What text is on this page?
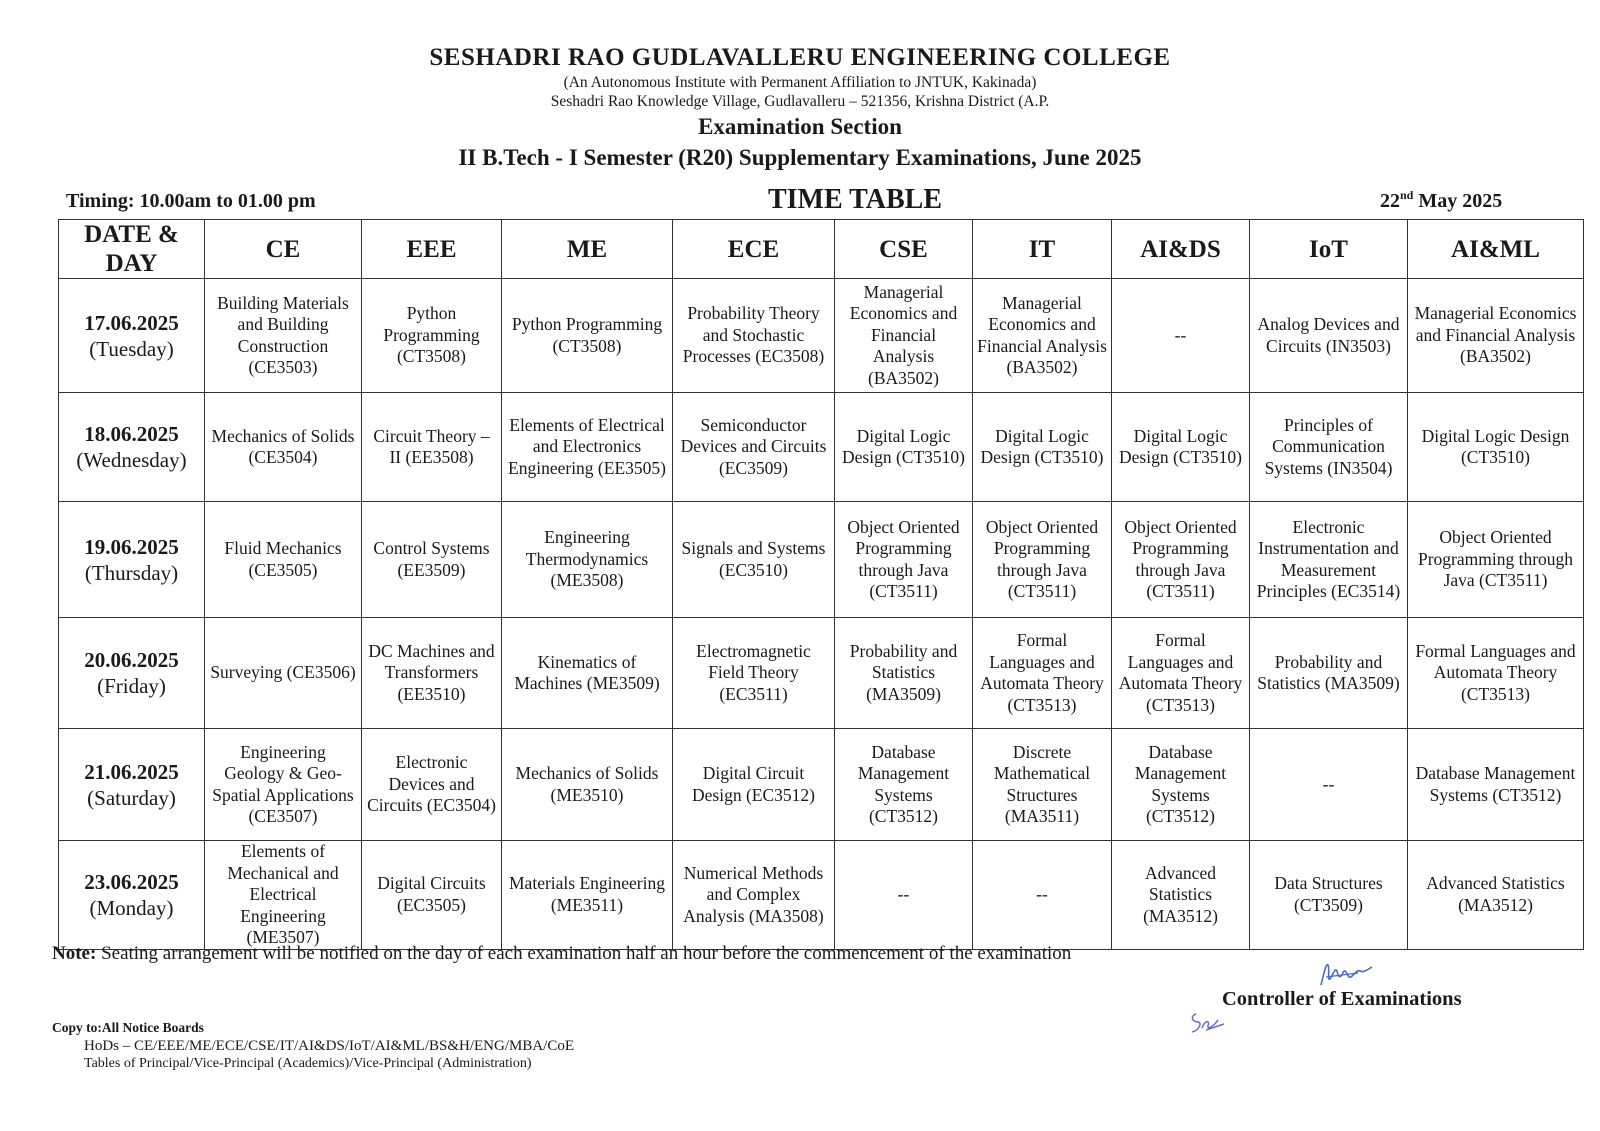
SESHADRI RAO GUDLAVALLERU ENGINEERING COLLEGE
(An Autonomous Institute with Permanent Affiliation to JNTUK, Kakinada)
Seshadri Rao Knowledge Village, Gudlavalleru – 521356, Krishna District (A.P.
Examination Section
II B.Tech - I Semester (R20) Supplementary Examinations, June 2025
Timing: 10.00am to 01.00 pm	TIME TABLE	22nd May 2025
DATE & DAY	CE	EEE	ME	ECE	CSE	IT	AI&DS	IoT	AI&ML

17.06.2025
(Tuesday)	Building Materials and Building Construction (CE3503)	Python Programming (CT3508)	Python Programming (CT3508)	Probability Theory and Stochastic Processes (EC3508)	Managerial Economics and Financial Analysis (BA3502)	Managerial Economics and Financial Analysis (BA3502)	--	Analog Devices and Circuits (IN3503)	Managerial Economics and Financial Analysis (BA3502)

18.06.2025
(Wednesday)	Mechanics of Solids (CE3504)	Circuit Theory – II (EE3508)	Elements of Electrical and Electronics Engineering (EE3505)	Semiconductor Devices and Circuits (EC3509)	Digital Logic Design (CT3510)	Digital Logic Design (CT3510)	Digital Logic Design (CT3510)	Principles of Communication Systems (IN3504)	Digital Logic Design (CT3510)

19.06.2025
(Thursday)	Fluid Mechanics (CE3505)	Control Systems (EE3509)	Engineering Thermodynamics (ME3508)	Signals and Systems (EC3510)	Object Oriented Programming through Java (CT3511)	Object Oriented Programming through Java (CT3511)	Object Oriented Programming through Java (CT3511)	Electronic Instrumentation and Measurement Principles (EC3514)	Object Oriented Programming through Java (CT3511)

20.06.2025
(Friday)	Surveying (CE3506)	DC Machines and Transformers (EE3510)	Kinematics of Machines (ME3509)	Electromagnetic Field Theory (EC3511)	Probability and Statistics (MA3509)	Formal Languages and Automata Theory (CT3513)	Formal Languages and Automata Theory (CT3513)	Probability and Statistics (MA3509)	Formal Languages and Automata Theory (CT3513)

21.06.2025
(Saturday)	Engineering Geology & Geo-Spatial Applications (CE3507)	Electronic Devices and Circuits (EC3504)	Mechanics of Solids (ME3510)	Digital Circuit Design (EC3512)	Database Management Systems (CT3512)	Discrete Mathematical Structures (MA3511)	Database Management Systems (CT3512)	--	Database Management Systems (CT3512)

23.06.2025
(Monday)	Elements of Mechanical and Electrical Engineering (ME3507)	Digital Circuits (EC3505)	Materials Engineering (ME3511)	Numerical Methods and Complex Analysis (MA3508)	--	--	Advanced Statistics (MA3512)	Data Structures (CT3509)	Advanced Statistics (MA3512)
Note: Seating arrangement will be notified on the day of each examination half an hour before the commencement of the examination
Controller of Examinations
Copy to:All Notice Boards
HoDs – CE/EEE/ME/ECE/CSE/IT/AI&DS/IoT/AI&ML/BS&H/ENG/MBA/CoE
Tables of Principal/Vice-Principal (Academics)/Vice-Principal (Administration)
